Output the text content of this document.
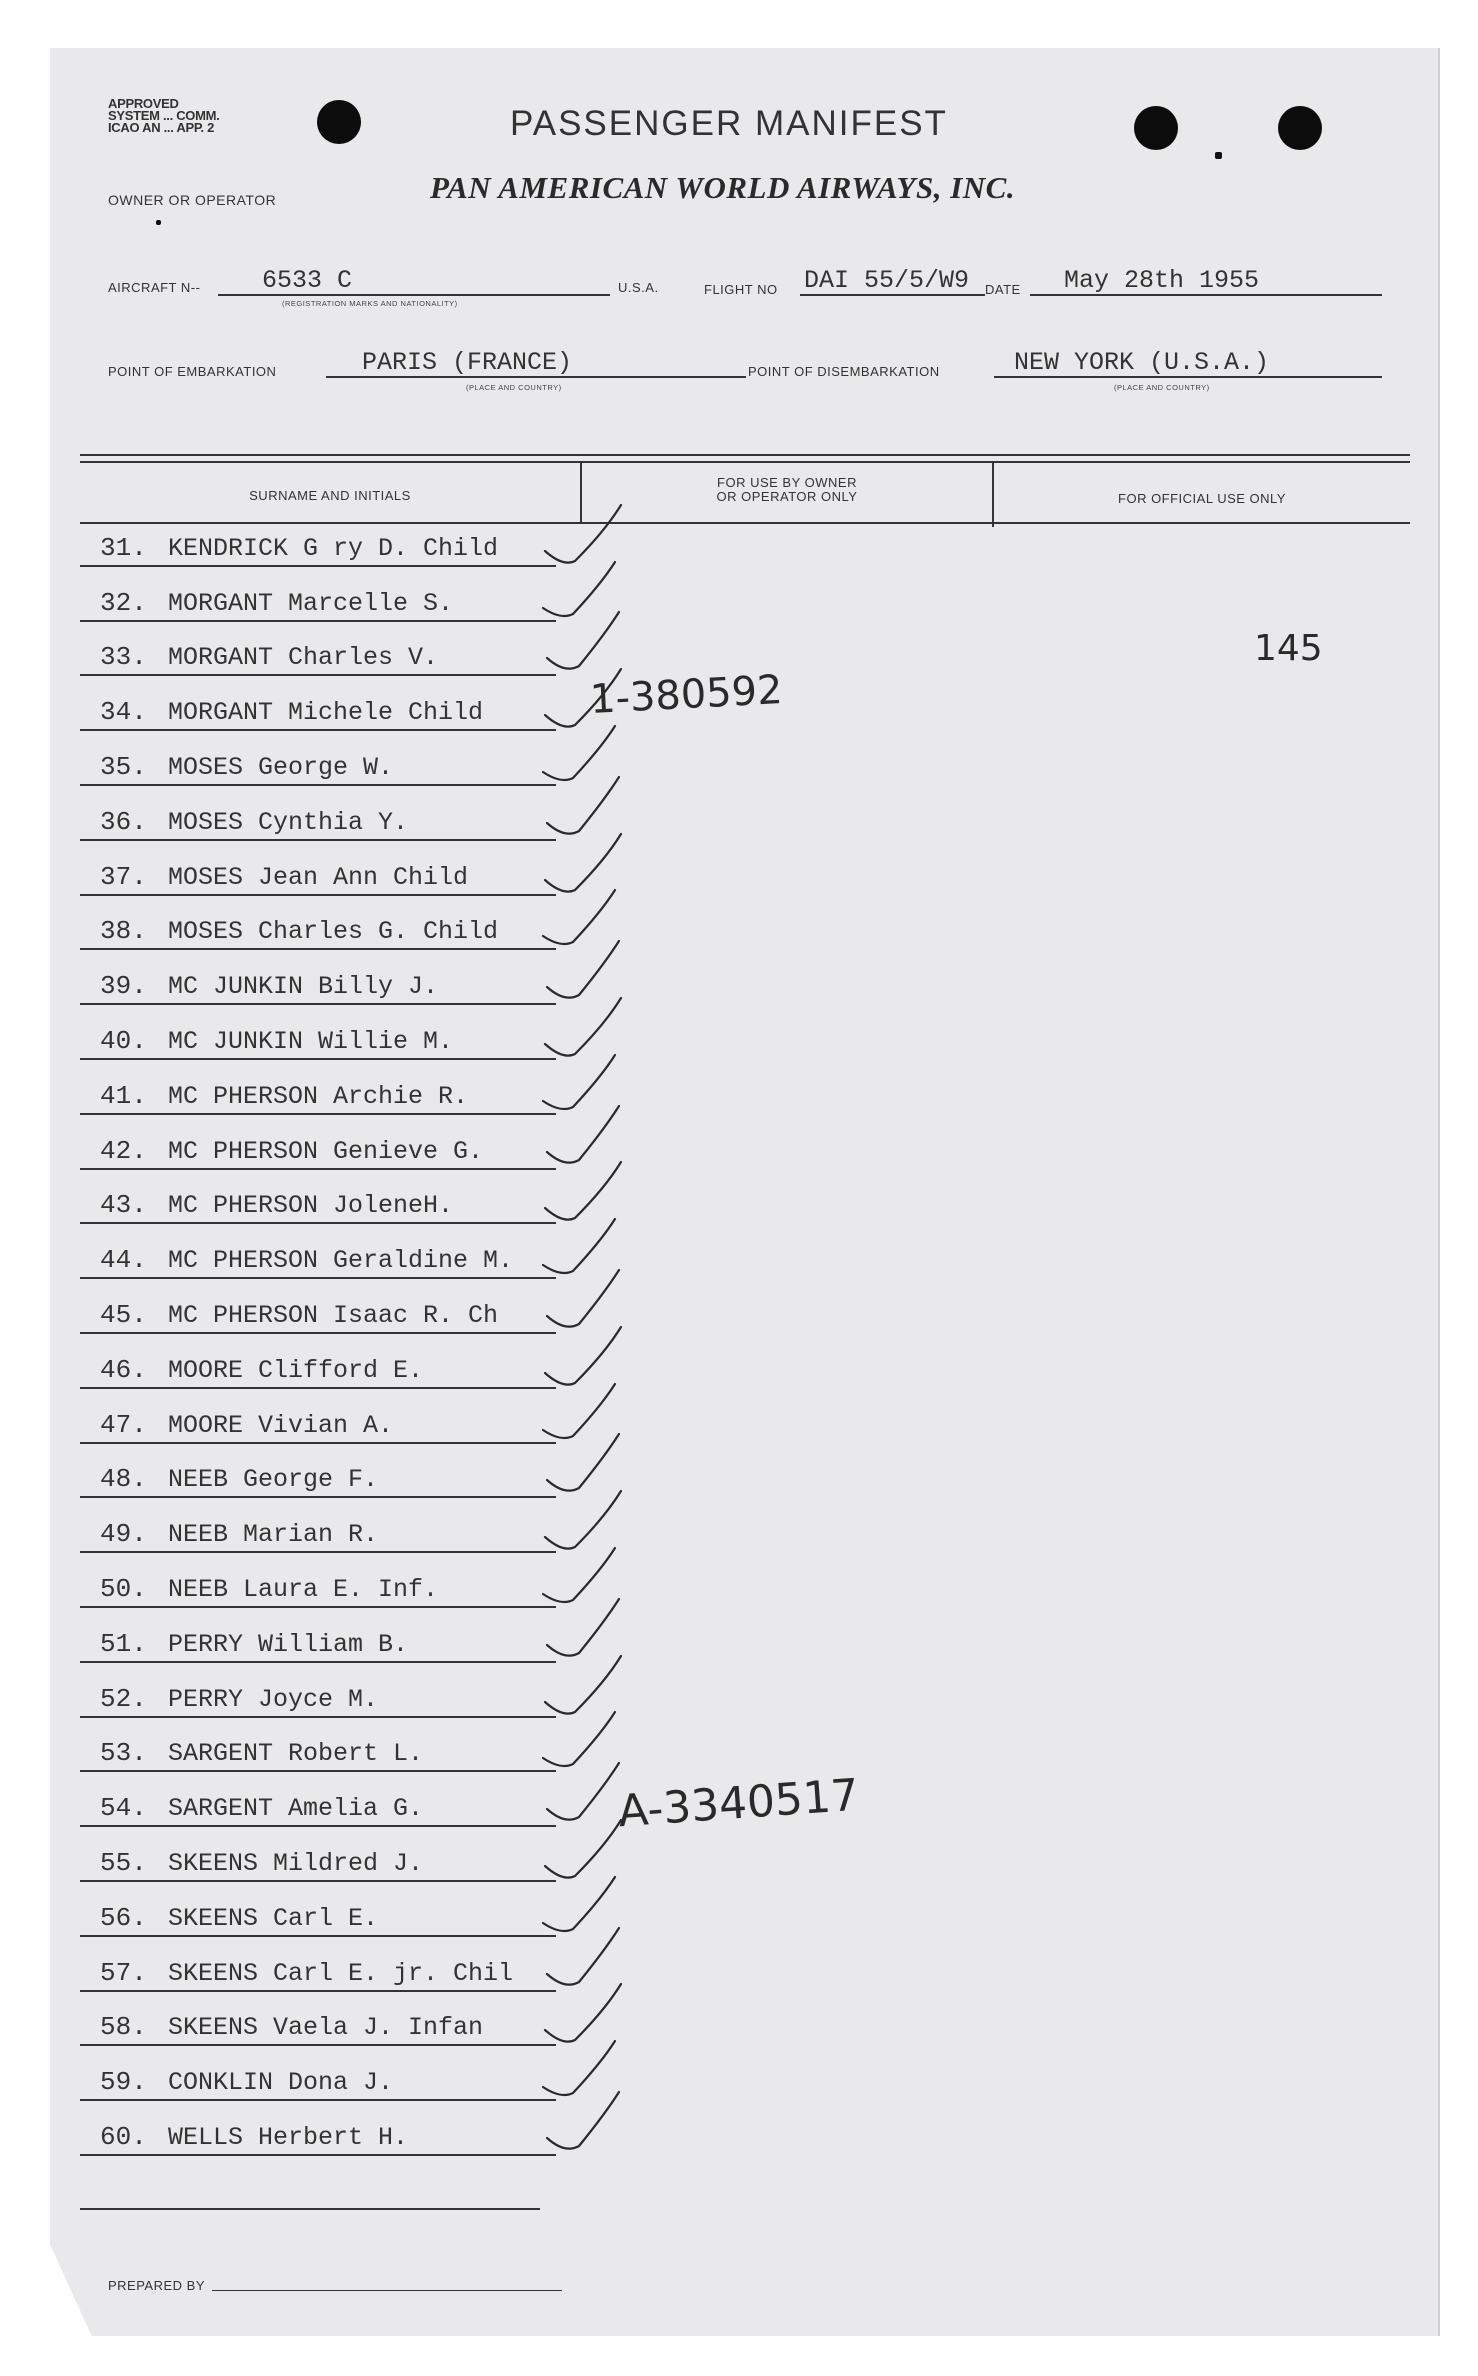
APPROVED
SYSTEM ... COMM.
ICAO AN ... APP. 2	PASSENGER MANIFEST
OWNER OR OPERATOR	PAN AMERICAN WORLD AIRWAYS, INC.
AIRCRAFT N-- 6533 C
(REGISTRATION MARKS AND NATIONALITY)
U.S.A.	FLIGHT NO DAI 55/5/W9 DATE May 28th 1955
POINT OF EMBARKATION	PARIS (FRANCE)
(PLACE AND COUNTRY)
POINT OF DISEMBARKATION	NEW YORK (U.S.A.)
(PLACE AND COUNTRY)
SURNAME AND INITIALS
FOR USE BY OWNER
OR OPERATOR ONLY	FOR OFFICIAL USE ONLY
31. KENDRICK G ry D. Child
32. MORGANT Marcelle S.
33. MORGANT Charles V.
34. MORGANT Michele Child
35. MOSES George W.
36. MOSES Cynthia Y.
37. MOSES Jean Ann Child
38. MOSES Charles G. Child
39. MC JUNKIN Billy J.
40. MC JUNKIN Willie M.
41. MC PHERSON Archie R.
42. MC PHERSON Genieve G.
43. MC PHERSON JoleneH.
44. MC PHERSON Geraldine M.
45. MC PHERSON Isaac R. Ch
46. MOORE Clifford E.
47. MOORE Vivian A.
48. NEEB George F.
49. NEEB Marian R.
50. NEEB Laura E. Inf.
51. PERRY William B.
52. PERRY Joyce M.
53. SARGENT Robert L.
54. SARGENT Amelia G.
55. SKEENS Mildred J.
56. SKEENS Carl E.
57. SKEENS Carl E. jr. Chil
58. SKEENS Vaela J. Infan
59. CONKLIN Dona J.
60. WELLS Herbert H.
145
1-380592
A-3340517
PREPARED BY
